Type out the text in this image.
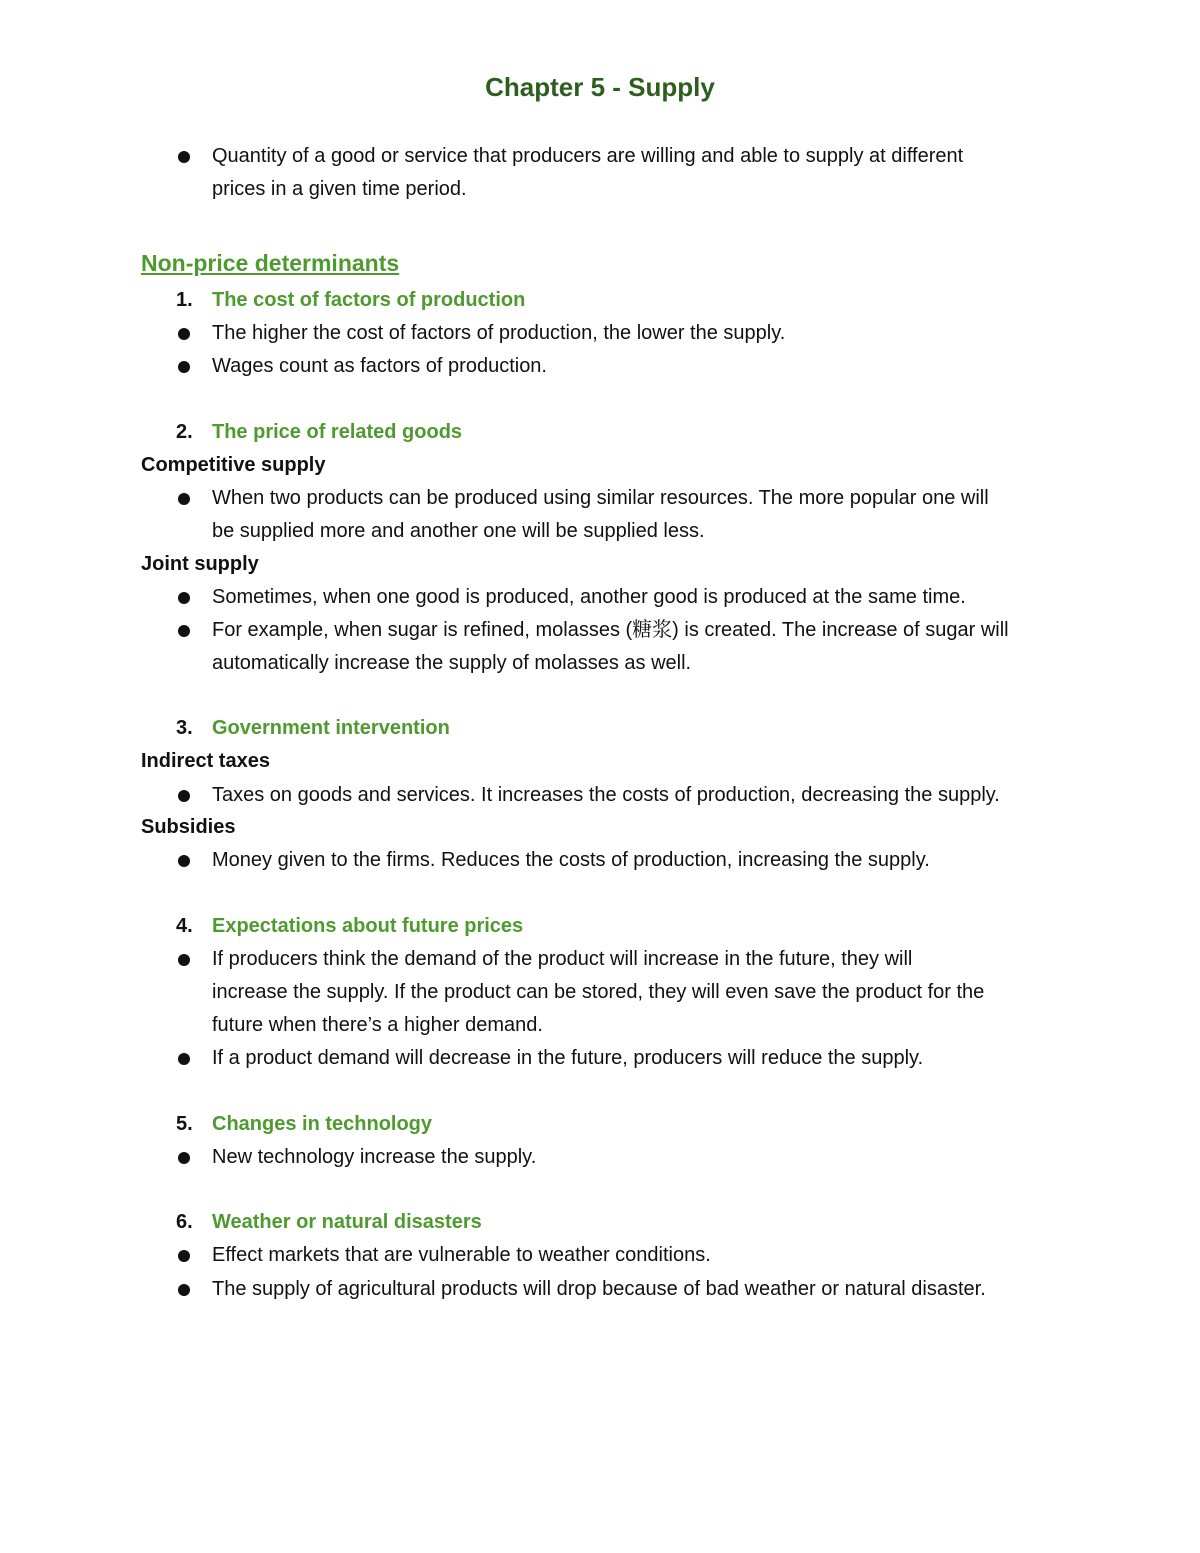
Chapter 5 - Supply
Quantity of a good or service that producers are willing and able to supply at different
prices in a given time period.
Non-price determinants
1. The cost of factors of production
The higher the cost of factors of production, the lower the supply.
Wages count as factors of production.
2. The price of related goods
Competitive supply
When two products can be produced using similar resources. The more popular one will
be supplied more and another one will be supplied less.
Joint supply
Sometimes, when one good is produced, another good is produced at the same time.
For example, when sugar is refined, molasses (糖浆) is created. The increase of sugar will
automatically increase the supply of molasses as well.
3. Government intervention
Indirect taxes
Taxes on goods and services. It increases the costs of production, decreasing the supply.
Subsidies
Money given to the firms. Reduces the costs of production, increasing the supply.
4. Expectations about future prices
If producers think the demand of the product will increase in the future, they will
increase the supply. If the product can be stored, they will even save the product for the
future when there’s a higher demand.
If a product demand will decrease in the future, producers will reduce the supply.
5. Changes in technology
New technology increase the supply.
6. Weather or natural disasters
Effect markets that are vulnerable to weather conditions.
The supply of agricultural products will drop because of bad weather or natural disaster.
